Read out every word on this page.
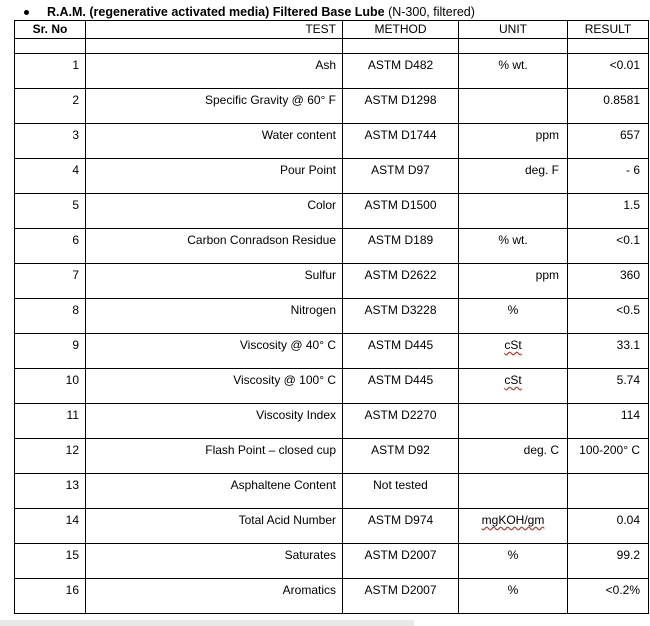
R.A.M. (regenerative activated media) Filtered Base Lube (N-300, filtered)
Sr. No	TEST	METHOD	UNIT	RESULT

1	Ash	ASTM D482	% wt.	<0.01
2	Specific Gravity @ 60° F	ASTM D1298		0.8581
3	Water content	ASTM D1744	ppm	657
4	Pour Point	ASTM D97	deg. F	- 6
5	Color	ASTM D1500		1.5
6	Carbon Conradson Residue	ASTM D189	% wt.	<0.1
7	Sulfur	ASTM D2622	ppm	360
8	Nitrogen	ASTM D3228	%	<0.5
9	Viscosity @ 40° C	ASTM D445	cSt	33.1
10	Viscosity @ 100° C	ASTM D445	cSt	5.74
11	Viscosity Index	ASTM D2270		114
12	Flash Point – closed cup	ASTM D92	deg. C	100-200° C
13	Asphaltene Content	Not tested		
14	Total Acid Number	ASTM D974	mgKOH/gm	0.04
15	Saturates	ASTM D2007	%	99.2
16	Aromatics	ASTM D2007	%	<0.2%
